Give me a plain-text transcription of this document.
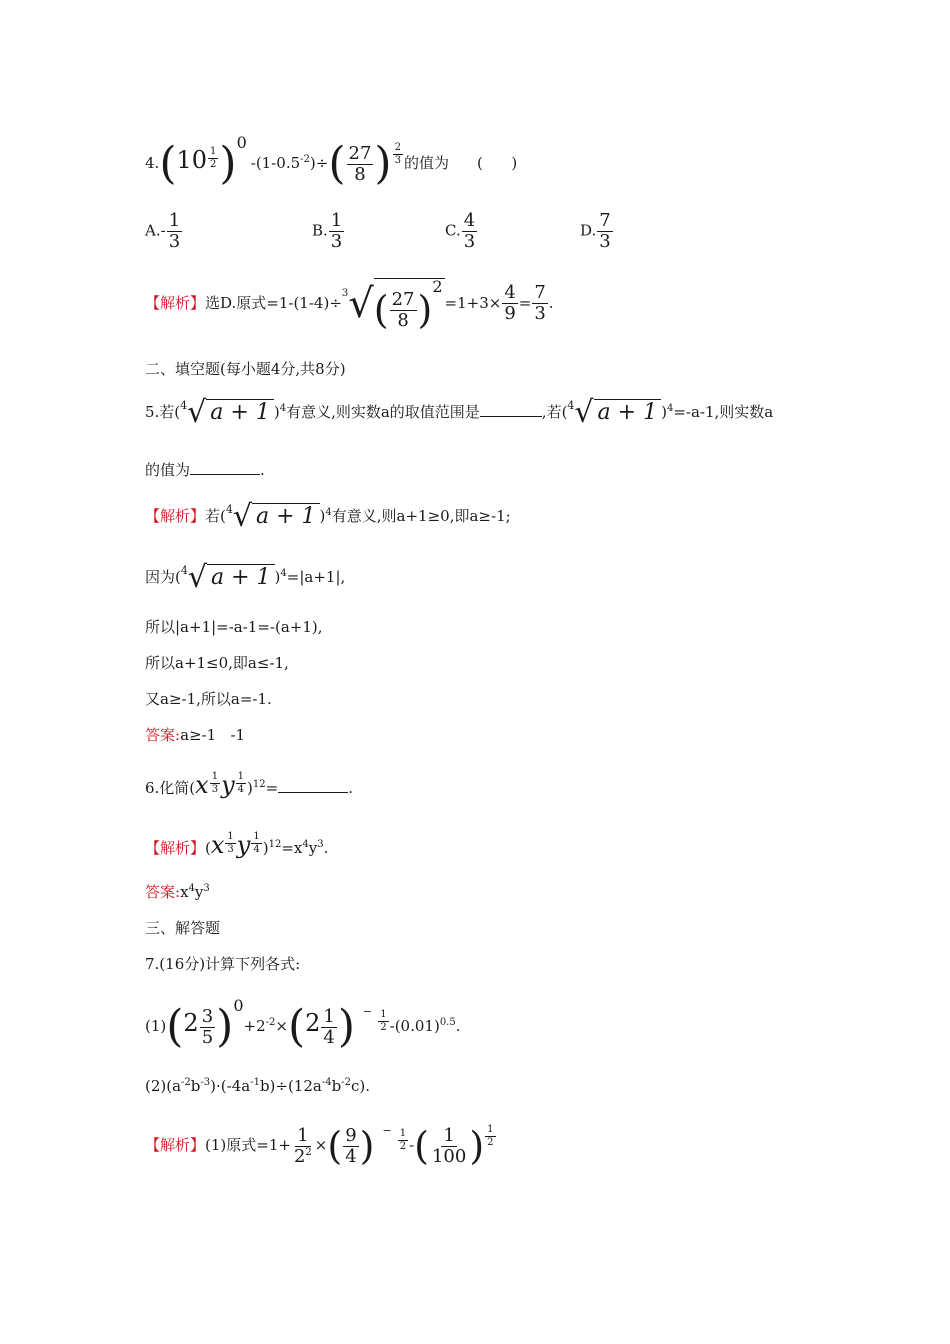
$4.(10 \frac{1}{2} )0-(1-0.5^{-2})\div( \frac{27}{8}$ ) $\frac{2}{3}$ 的值为 (      )
$A.- \frac{1}{3}$	B. $\frac{1}{3}$	C. $\frac{4}{3}$	D. $\frac{7}{3}$
【解析】选D.原式$=1-(1-4)\div^3√( \frac{27}{8} )2=1+3\times \frac{4}{9} = \frac{7}{3}$ .
二、填空题(每小题4分,共8分)
5.若($^4$√ a + 1 )$^4$有意义,则实数a的取值范围是	,若($^4$√ a + 1 )$^4$=-a-1,则实数a
的值为	.
【解析】若($^4$√ a + 1 )$^4$有意义,则a+1≥0,即a≥-1;
因为($^4$√ a + 1 )$^4$=|a+1|,
所以|a+1|=-a-1=-(a+1),
所以a+1≤0,即a≤-1,
又a≥-1,所以a=-1.
答案:a≥-1   -1
6.化简($x \frac{1}{3}$ y $\frac{1}{4} )^{12}=$	.
【解析】($x \frac{1}{3}$ y $\frac{1}{4} )^{12}=x^4y^3$.
答案$:x^4y^3$
三、解答题
7.(16分)计算下列各式:
$(1)(2 \frac{3}{5} )0+2^{-2}\times(2 \frac{1}{4}$ ) $^- \frac{1}{2} -(0.01)^{0.5}$.
$(2)(a^{-2}b^{-3})\cdot(-4a^{-1}b)\div(12a^{-4}b^{-2}c)$.
【解析】(1)原式$=1+ \frac{1}{2^2}$ ×( $\frac{9}{4}$ ) $^- \frac{1}{2}$ -( $\frac{1}{100}$ ) $\frac{1}{2}$
